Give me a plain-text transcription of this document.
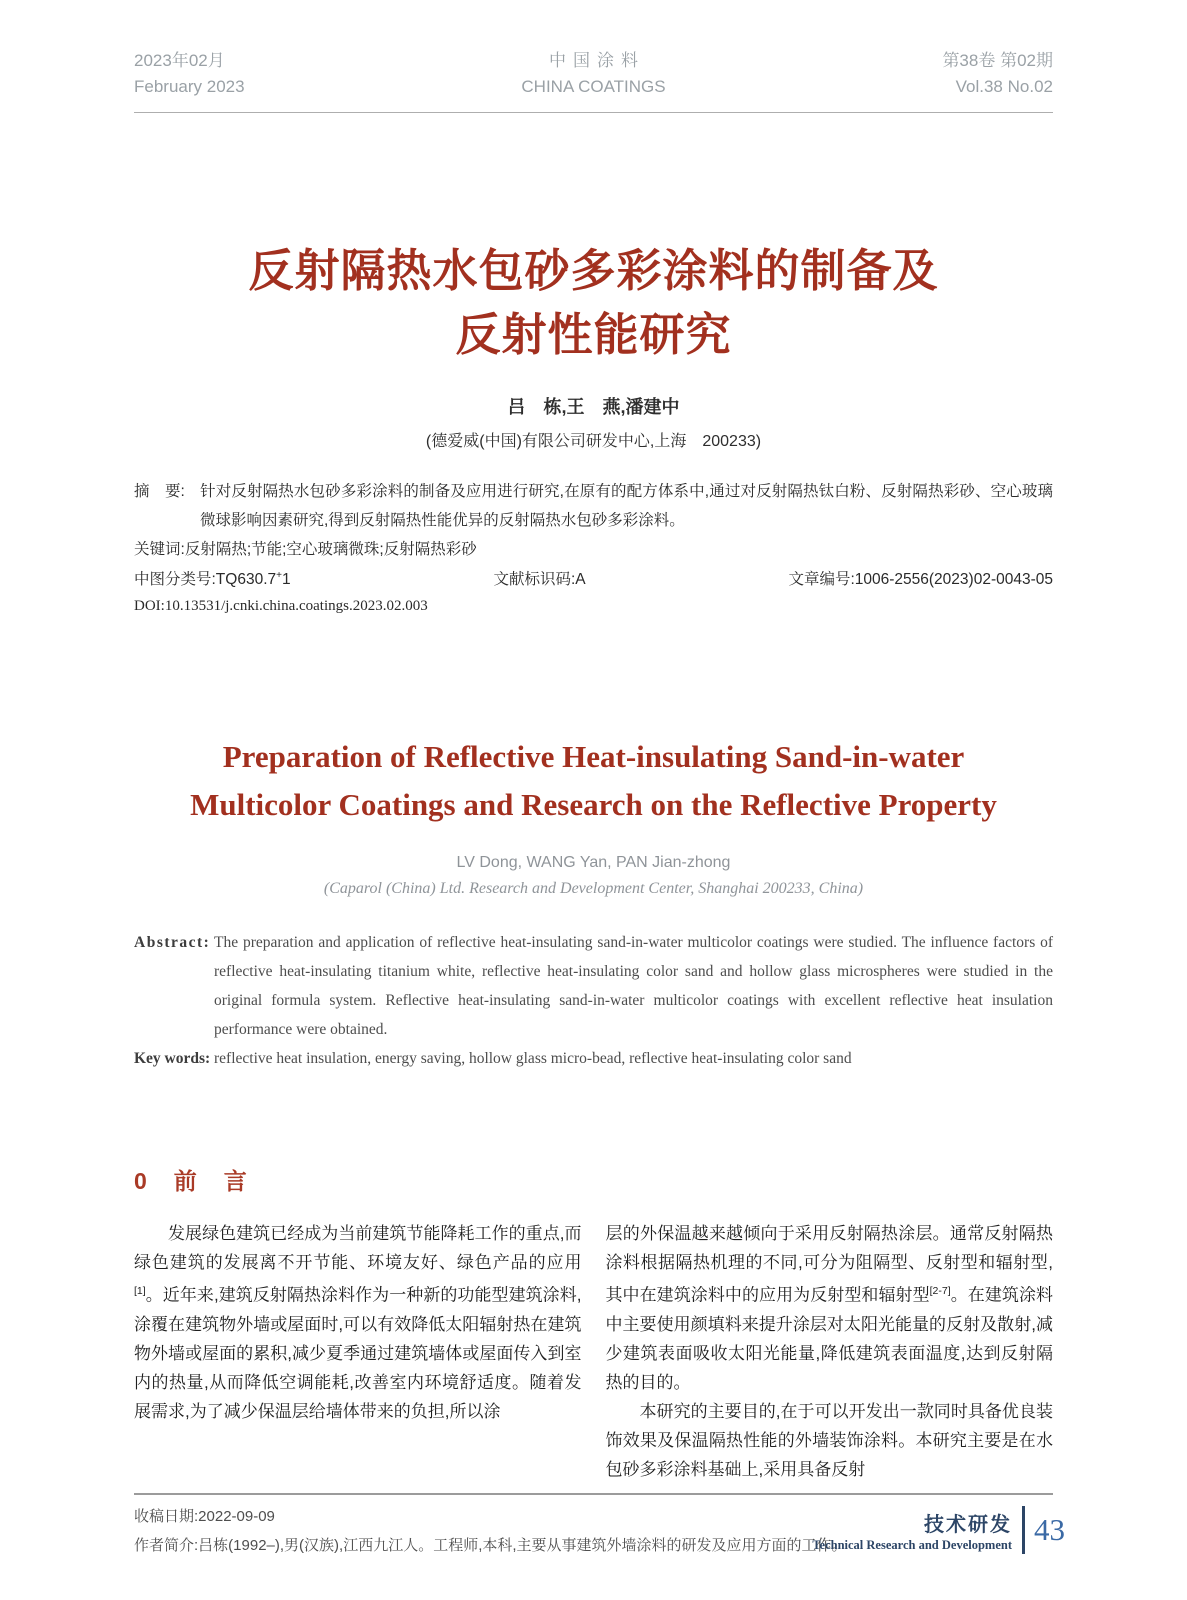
2023年02月
February 2023
中国涂料
CHINA COATINGS
第38卷 第02期
Vol.38 No.02
反射隔热水包砂多彩涂料的制备及
反射性能研究
吕　栋,王　燕,潘建中
(德爱威(中国)有限公司研发中心,上海　200233)
摘　要: 针对反射隔热水包砂多彩涂料的制备及应用进行研究,在原有的配方体系中,通过对反射隔热钛白粉、反射隔热彩砂、空心玻璃微球影响因素研究,得到反射隔热性能优异的反射隔热水包砂多彩涂料。
关键词:反射隔热;节能;空心玻璃微珠;反射隔热彩砂
中图分类号:TQ630.7+1	文献标识码:A	文章编号:1006-2556(2023)02-0043-05
DOI:10.13531/j.cnki.china.coatings.2023.02.003
Preparation of Reflective Heat-insulating Sand-in-water
Multicolor Coatings and Research on the Reflective Property
LV Dong, WANG Yan, PAN Jian-zhong
(Caparol (China) Ltd. Research and Development Center, Shanghai 200233, China)
Abstract: The preparation and application of reflective heat-insulating sand-in-water multicolor coatings were studied. The influence factors of reflective heat-insulating titanium white, reflective heat-insulating color sand and hollow glass microspheres were studied in the original formula system. Reflective heat-insulating sand-in-water multicolor coatings with excellent reflective heat insulation performance were obtained.
Key words: reflective heat insulation, energy saving, hollow glass micro-bead, reflective heat-insulating color sand
0　前　言

发展绿色建筑已经成为当前建筑节能降耗工作的重点,而绿色建筑的发展离不开节能、环境友好、绿色产品的应用[1]。近年来,建筑反射隔热涂料作为一种新的功能型建筑涂料,涂覆在建筑物外墙或屋面时,可以有效降低太阳辐射热在建筑物外墙或屋面的累积,减少夏季通过建筑墙体或屋面传入到室内的热量,从而降低空调能耗,改善室内环境舒适度。随着发展需求,为了减少保温层给墙体带来的负担,所以涂

层的外保温越来越倾向于采用反射隔热涂层。通常反射隔热涂料根据隔热机理的不同,可分为阻隔型、反射型和辐射型,其中在建筑涂料中的应用为反射型和辐射型[2-7]。在建筑涂料中主要使用颜填料来提升涂层对太阳光能量的反射及散射,减少建筑表面吸收太阳光能量,降低建筑表面温度,达到反射隔热的目的。

本研究的主要目的,在于可以开发出一款同时具备优良装饰效果及保温隔热性能的外墙装饰涂料。本研究主要是在水包砂多彩涂料基础上,采用具备反射

收稿日期:2022-09-09
作者简介:吕栋(1992–),男(汉族),江西九江人。工程师,本科,主要从事建筑外墙涂料的研发及应用方面的工作。
技术研发
Technical Research and Development 43
